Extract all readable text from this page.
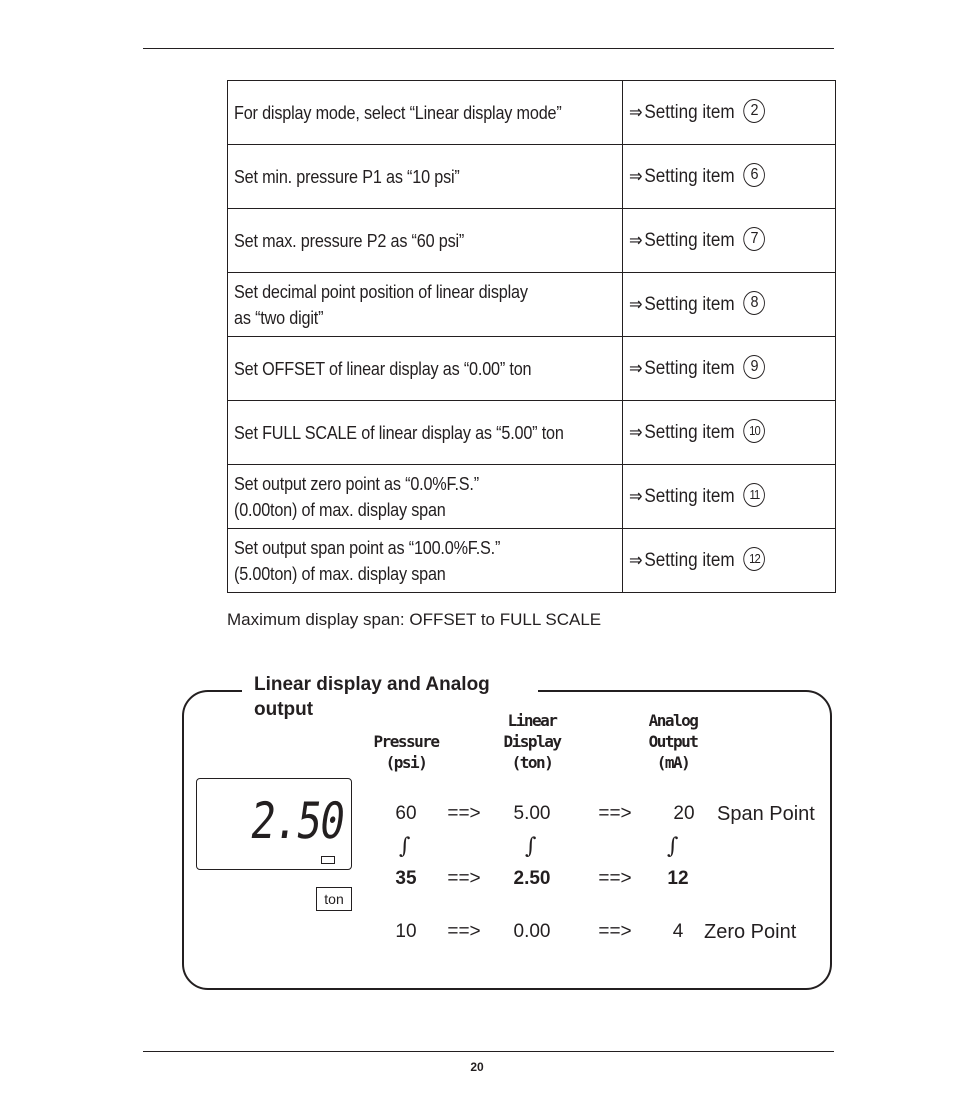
For display mode, select “Linear display mode”	⇒Setting item 2
Set min. pressure P1 as “10 psi”	⇒Setting item 6
Set max. pressure P2 as “60 psi”	⇒Setting item 7
Set decimal point position of linear display
as “two digit”	⇒Setting item 8
Set OFFSET of linear display as “0.00” ton	⇒Setting item 9
Set FULL SCALE of linear display as “5.00” ton	⇒Setting item 10
Set output zero point as “0.0%F.S.”
(0.00ton) of max. display span	⇒Setting item 11
Set output span point as “100.0%F.S.”
(5.00ton) of max. display span	⇒Setting item 12
Maximum display span: OFFSET to FULL SCALE
Linear display and Analog
output
Pressure
(psi)
Linear
Display
(ton)
Analog
Output
(mA)
2.50
ton
60	==>	5.00	==>	20	Span Point
∫	∫	∫
35	==>	2.50	==>	12
10	==>	0.00	==>	4	Zero Point
20
